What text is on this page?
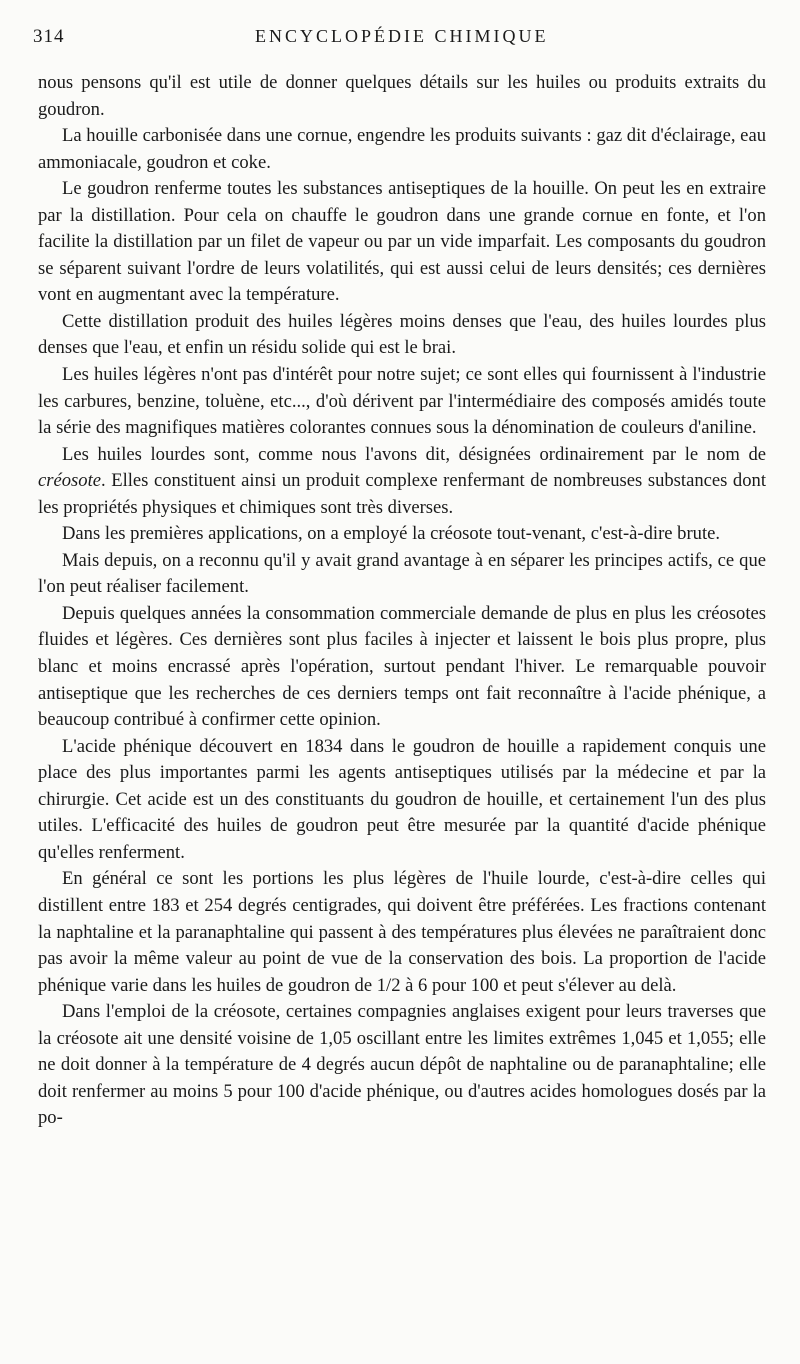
314	ENCYCLOPÉDIE CHIMIQUE

nous pensons qu'il est utile de donner quelques détails sur les huiles ou produits extraits du goudron.

La houille carbonisée dans une cornue, engendre les produits suivants : gaz dit d'éclairage, eau ammoniacale, goudron et coke.

Le goudron renferme toutes les substances antiseptiques de la houille. On peut les en extraire par la distillation. Pour cela on chauffe le goudron dans une grande cornue en fonte, et l'on facilite la distillation par un filet de vapeur ou par un vide imparfait. Les composants du goudron se séparent suivant l'ordre de leurs volatilités, qui est aussi celui de leurs densités; ces dernières vont en augmentant avec la température.

Cette distillation produit des huiles légères moins denses que l'eau, des huiles lourdes plus denses que l'eau, et enfin un résidu solide qui est le brai.

Les huiles légères n'ont pas d'intérêt pour notre sujet; ce sont elles qui fournissent à l'industrie les carbures, benzine, toluène, etc..., d'où dérivent par l'intermédiaire des composés amidés toute la série des magnifiques matières colorantes connues sous la dénomination de couleurs d'aniline.

Les huiles lourdes sont, comme nous l'avons dit, désignées ordinairement par le nom de créosote. Elles constituent ainsi un produit complexe renfermant de nombreuses substances dont les propriétés physiques et chimiques sont très diverses.

Dans les premières applications, on a employé la créosote tout-venant, c'est-à-dire brute.

Mais depuis, on a reconnu qu'il y avait grand avantage à en séparer les principes actifs, ce que l'on peut réaliser facilement.

Depuis quelques années la consommation commerciale demande de plus en plus les créosotes fluides et légères. Ces dernières sont plus faciles à injecter et laissent le bois plus propre, plus blanc et moins encrassé après l'opération, surtout pendant l'hiver. Le remarquable pouvoir antiseptique que les recherches de ces derniers temps ont fait reconnaître à l'acide phénique, a beaucoup contribué à confirmer cette opinion.

L'acide phénique découvert en 1834 dans le goudron de houille a rapidement conquis une place des plus importantes parmi les agents antiseptiques utilisés par la médecine et par la chirurgie. Cet acide est un des constituants du goudron de houille, et certainement l'un des plus utiles. L'efficacité des huiles de goudron peut être mesurée par la quantité d'acide phénique qu'elles renferment.

En général ce sont les portions les plus légères de l'huile lourde, c'est-à-dire celles qui distillent entre 183 et 254 degrés centigrades, qui doivent être préférées. Les fractions contenant la naphtaline et la paranaphtaline qui passent à des températures plus élevées ne paraîtraient donc pas avoir la même valeur au point de vue de la conservation des bois. La proportion de l'acide phénique varie dans les huiles de goudron de 1/2 à 6 pour 100 et peut s'élever au delà.

Dans l'emploi de la créosote, certaines compagnies anglaises exigent pour leurs traverses que la créosote ait une densité voisine de 1,05 oscillant entre les limites extrêmes 1,045 et 1,055; elle ne doit donner à la température de 4 degrés aucun dépôt de naphtaline ou de paranaphtaline; elle doit renfermer au moins 5 pour 100 d'acide phénique, ou d'autres acides homologues dosés par la po-
